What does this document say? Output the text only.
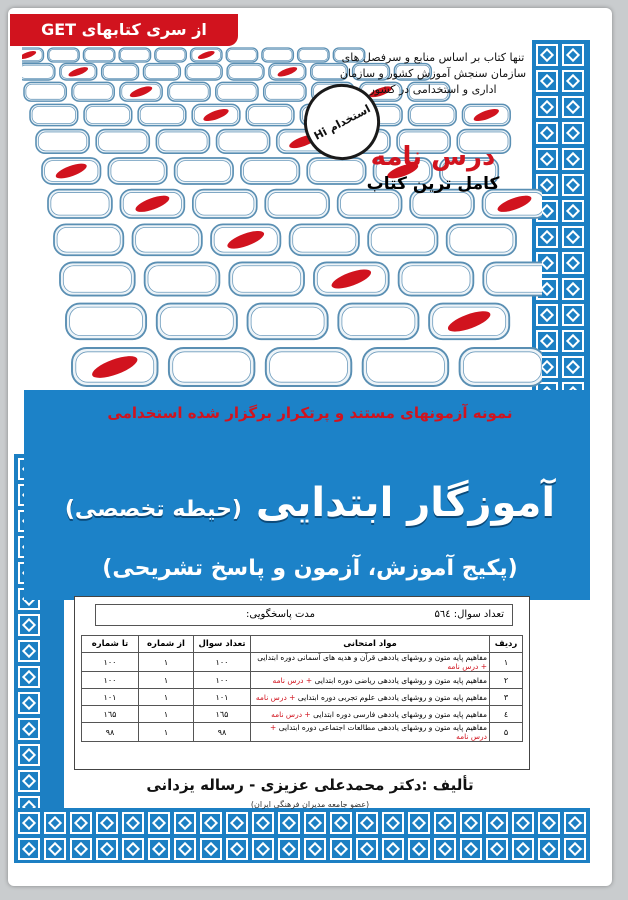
از سری کتابهای GET
Hi استخدام
تنها کتاب بر اساس منابع و سرفصل های سازمان سنجش آموزش کشور و سازمان اداری و استخدامی در کشور
درس نامه
کامل ترین کتاب
نمونه آزمونهای مستند و پرتکرار برگزار شده استخدامی
آموزگار ابتدایی (حیطه تخصصی)
(پکیج آموزش، آزمون و پاسخ تشریحی)
تعداد سوال: ۵٦٤
مدت پاسخگویی:
ردیف	مواد امتحانی	تعداد سوال	از شماره	تا شماره
۱	مفاهیم پایه متون و روشهای یاددهی قرآن و هدیه های آسمانی دوره ابتدایی + درس نامه	۱۰۰	۱	۱۰۰
۲	مفاهیم پایه متون و روشهای یاددهی ریاضی دوره ابتدایی + درس نامه	۱۰۰	۱	۱۰۰
۳	مفاهیم پایه متون و روشهای یاددهی علوم تجربی دوره ابتدایی + درس نامه	۱۰۱	۱	۱۰۱
٤	مفاهیم پایه متون و روشهای یاددهی فارسی دوره ابتدایی + درس نامه	۱٦۵	۱	۱٦۵
۵	مفاهیم پایه متون و روشهای یاددهی مطالعات اجتماعی دوره ابتدایی + درس نامه	۹۸	۱	۹۸
تألیف :دکتر محمدعلی عزیزی - رساله یزدانی
(عضو جامعه مدیران فرهنگی ایران)
